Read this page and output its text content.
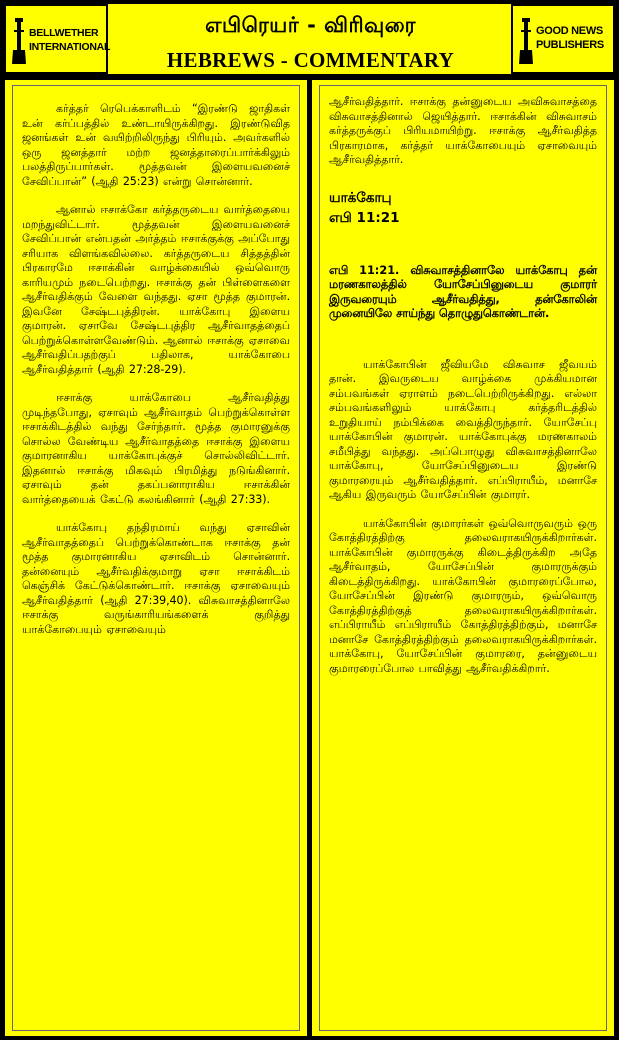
BELLWETHER
INTERNATIONAL
எபிரெயர் - விரிவுரை
HEBREWS - COMMENTARY
GOOD NEWS
PUBLISHERS

கர்த்தர் ரெபெக்காளிடம் “இரண்டு ஜாதிகள் உன் கர்ப்பத்தில் உண்டாயிருக்கிறது. இரண்டுவித ஜனங்கள் உன் வயிற்றிலிருந்து பிரியும். அவர்களில் ஒரு ஜனத்தார் மற்ற ஜனத்தாரைப்பார்க்கிலும் பலத்திருப்பார்கள். மூத்தவன் இளையவனைச் சேவிப்பான்” (ஆதி 25:23) என்று சொன்னார்.

ஆனால் ஈசாக்கோ கர்த்தருடைய வார்த்தையை மறந்துவிட்டார். மூத்தவன் இளையவனைச் சேவிப்பான் என்பதன் அர்த்தம் ஈசாக்குக்கு அப்போது சரியாக விளங்கவில்லை. கர்த்தருடைய சித்தத்தின் பிரகாரமே ஈசாக்கின் வாழ்க்கையில் ஒவ்வொரு காரியமும் நடைபெற்றது. ஈசாக்கு தன் பிள்ளைகளை ஆசீர்வதிக்கும் வேளை வந்தது. ஏசா மூத்த குமாரன். இவனே சேஷ்டபுத்திரன். யாக்கோபு இளைய குமாரன். ஏசாவே சேஷ்டபுத்திர ஆசீர்வாதத்தைப் பெற்றுக்கொள்ளவேண்டும். ஆனால் ஈசாக்கு ஏசாவை ஆசீர்வதிப்பதற்குப் பதிலாக, யாக்கோபை ஆசீர்வதித்தார் (ஆதி 27:28-29).

ஈசாக்கு யாக்கோபை ஆசீர்வதித்து முடிந்தபோது, ஏசாவும் ஆசீர்வாதம் பெற்றுக்கொள்ள ஈசாக்கிடத்தில் வந்து சேர்ந்தார். மூத்த குமாரனுக்கு சொல்ல வேண்டிய ஆசீர்வாதத்தை ஈசாக்கு இளைய குமாரனாகிய யாக்கோபுக்குச் சொல்லிவிட்டார். இதனால் ஈசாக்கு மிகவும் பிரமித்து நடுங்கினார். ஏசாவும் தன் தகப்பனாராகிய ஈசாக்கின் வார்த்தையைக் கேட்டு கலங்கினார் (ஆதி 27:33).

யாக்கோபு தந்திரமாய் வந்து ஏசாவின் ஆசீர்வாதத்தைப் பெற்றுக்கொண்டாக ஈசாக்கு தன் மூத்த குமாரனாகிய ஏசாவிடம் சொன்னார். தன்னையும் ஆசீர்வதிக்குமாறு ஏசா ஈசாக்கிடம் கெஞ்சிக் கேட்டுக்கொண்டார். ஈசாக்கு ஏசாவையும் ஆசீர்வதித்தார் (ஆதி 27:39,40). விசுவாசத்தினாலே ஈசாக்கு வருங்காரியங்களைக் குறித்து யாக்கோபையும் ஏசாவையும்

ஆசீர்வதித்தார். ஈசாக்கு தன்னுடைய அவிசுவாசத்தை விசுவாசத்தினால் ஜெயித்தார். ஈசாக்கின் விசுவாசம் கர்த்தருக்குப் பிரியமாயிற்று. ஈசாக்கு ஆசீர்வதித்த பிரகாரமாக, கர்த்தர் யாக்கோபையும் ஏசாவையும் ஆசீர்வதித்தார்.

யாக்கோபு
எபி 11:21

எபி 11:21. விசுவாசத்தினாலே யாக்கோபு தன் மரணகாலத்தில் யோசேப்பினுடைய குமாரர் இருவரையும் ஆசீர்வதித்து, தன்கோலின் முனையிலே சாய்ந்து தொழுதுகொண்டான்.

யாக்கோபின் ஜீவியமே விசுவாச ஜீவயம் தான். இவருடைய வாழ்க்கை முக்கியமான சம்பவங்கள் ஏராளம் நடைபெற்றிருக்கிறது. எல்லா சம்பவங்களிலும் யாக்கோபு கர்த்தரிடத்தில் உறுதியாய் நம்பிக்கை வைத்திருந்தார். யோசேப்பு யாக்கோபின் குமாரன். யாக்கோபுக்கு மரணகாலம் சமீபித்து வந்தது. அப்பொழுது விசுவாசத்தினாலே யாக்கோபு, யோசேப்பினுடைய இரண்டு குமாரரையும் ஆசீர்வதித்தார். எப்பிராயீம், மனாசே ஆகிய இருவரும் யோசேப்பின் குமாரர்.

யாக்கோபின் குமாரர்கள் ஒவ்வொருவரும் ஒரு கோத்திரத்திற்கு தலைவராகயிருக்கிறார்கள். யாக்கோபின் குமாரருக்கு கிடைத்திருக்கிற அதே ஆசீர்வாதம், யோசேப்பின் குமாரருக்கும் கிடைத்திருக்கிறது. யாக்கோபின் குமாரரைப்போல, யோசேப்பின் இரண்டு குமாரரும், ஒவ்வொரு கோத்திரத்திற்குத் தலைவராகயிருக்கிறார்கள். எப்பிராயீம் எப்பிராயீம் கோத்திரத்திற்கும், மனாசே மனாசே கோத்திரத்திற்கும் தலைவராகயிருக்கிறார்கள். யாக்கோபு, யோசேப்பின் குமாரரை, தன்னுடைய குமாரரைப்போல பாவித்து ஆசீர்வதிக்கிறார்.
